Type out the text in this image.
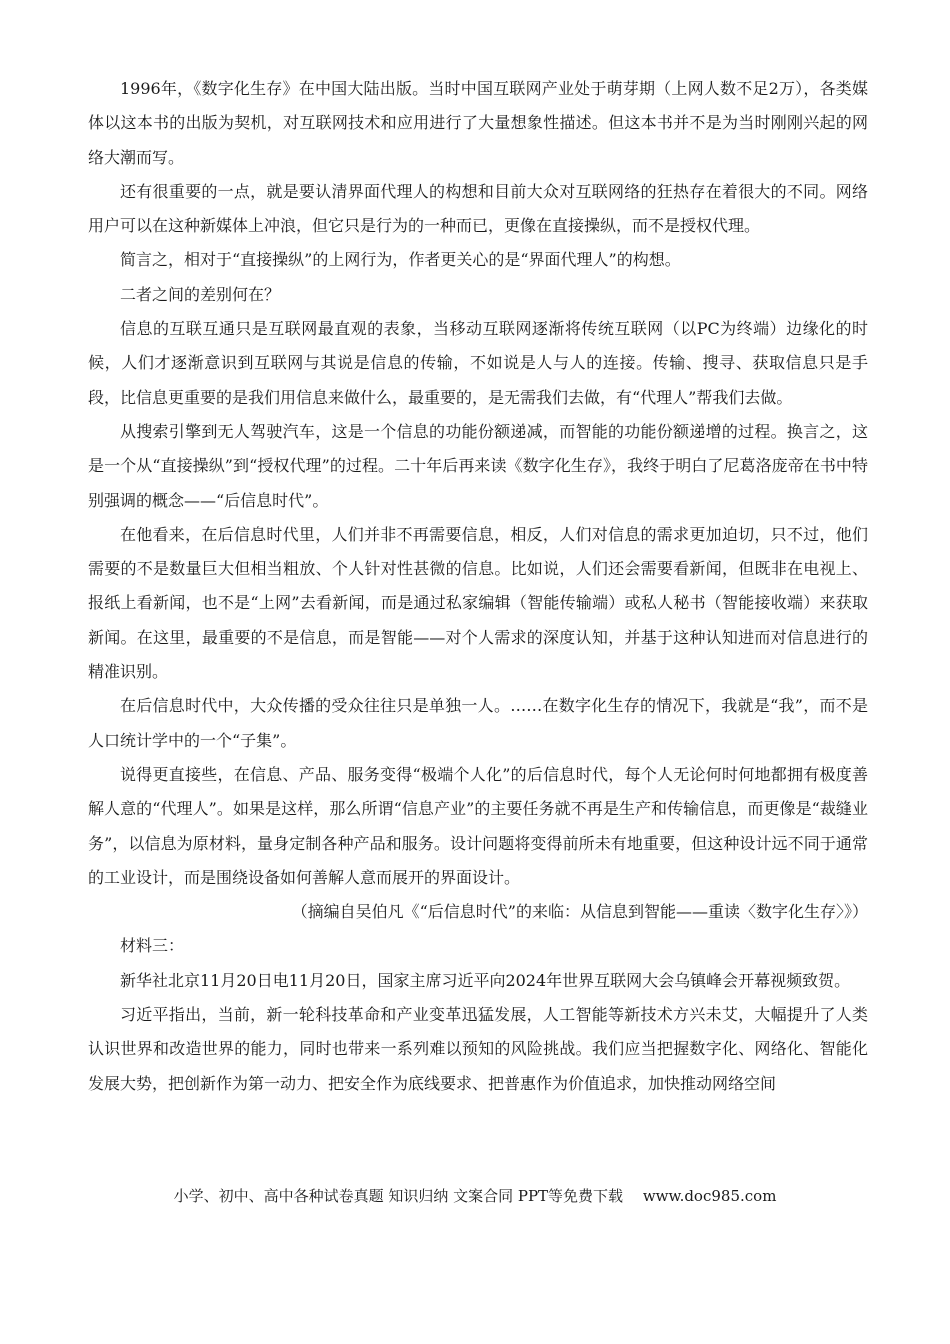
1996年，《数字化生存》在中国大陆出版。当时中国互联网产业处于萌芽期（上网人数不足2万），各类媒体以这本书的出版为契机，对互联网技术和应用进行了大量想象性描述。但这本书并不是为当时刚刚兴起的网络大潮而写。

还有很重要的一点，就是要认清界面代理人的构想和目前大众对互联网络的狂热存在着很大的不同。网络用户可以在这种新媒体上冲浪，但它只是行为的一种而已，更像在直接操纵，而不是授权代理。

简言之，相对于“直接操纵”的上网行为，作者更关心的是“界面代理人”的构想。

二者之间的差别何在？

信息的互联互通只是互联网最直观的表象，当移动互联网逐渐将传统互联网（以PC为终端）边缘化的时候，人们才逐渐意识到互联网与其说是信息的传输，不如说是人与人的连接。传输、搜寻、获取信息只是手段，比信息更重要的是我们用信息来做什么，最重要的，是无需我们去做，有“代理人”帮我们去做。

从搜索引擎到无人驾驶汽车，这是一个信息的功能份额递减，而智能的功能份额递增的过程。换言之，这是一个从“直接操纵”到“授权代理”的过程。二十年后再来读《数字化生存》，我终于明白了尼葛洛庞帝在书中特别强调的概念——“后信息时代”。

在他看来，在后信息时代里，人们并非不再需要信息，相反，人们对信息的需求更加迫切，只不过，他们需要的不是数量巨大但相当粗放、个人针对性甚微的信息。比如说，人们还会需要看新闻，但既非在电视上、报纸上看新闻，也不是“上网”去看新闻，而是通过私家编辑（智能传输端）或私人秘书（智能接收端）来获取新闻。在这里，最重要的不是信息，而是智能——对个人需求的深度认知，并基于这种认知进而对信息进行的精准识别。

在后信息时代中，大众传播的受众往往只是单独一人。……在数字化生存的情况下，我就是“我”，而不是人口统计学中的一个“子集”。

说得更直接些，在信息、产品、服务变得“极端个人化”的后信息时代，每个人无论何时何地都拥有极度善解人意的“代理人”。如果是这样，那么所谓“信息产业”的主要任务就不再是生产和传输信息，而更像是“裁缝业务”，以信息为原材料，量身定制各种产品和服务。设计问题将变得前所未有地重要，但这种设计远不同于通常的工业设计，而是围绕设备如何善解人意而展开的界面设计。

（摘编自吴伯凡《“后信息时代”的来临：从信息到智能——重读〈数字化生存〉》）

材料三：

新华社北京11月20日电11月20日，国家主席习近平向2024年世界互联网大会乌镇峰会开幕视频致贺。

习近平指出，当前，新一轮科技革命和产业变革迅猛发展，人工智能等新技术方兴未艾，大幅提升了人类认识世界和改造世界的能力，同时也带来一系列难以预知的风险挑战。我们应当把握数字化、网络化、智能化发展大势，把创新作为第一动力、把安全作为底线要求、把普惠作为价值追求，加快推动网络空间

小学、初中、高中各种试卷真题 知识归纳 文案合同 PPT等免费下载　 www.doc985.com
